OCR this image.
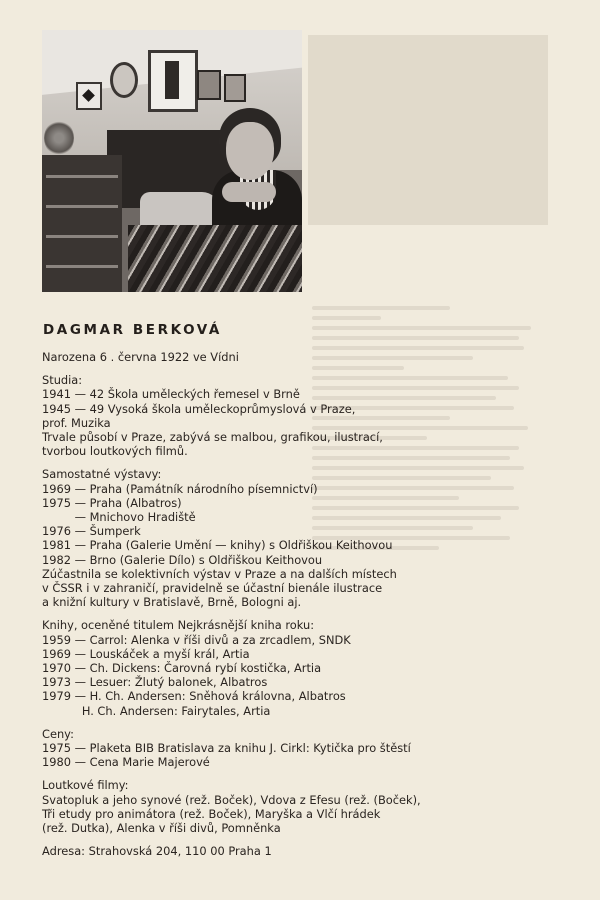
DAGMAR BERKOVÁ
Narozena 6 . června 1922 ve Vídni
Studia:
1941 — 42 Škola uměleckých řemesel v Brně
1945 — 49 Vysoká škola uměleckoprůmyslová v Praze,
prof. Muzika
Trvale působí v Praze, zabývá se malbou, grafikou, ilustrací,
tvorbou loutkových filmů.
Samostatné výstavy:
1969 — Praha (Památník národního písemnictví)
1975 — Praha (Albatros)
— Mnichovo Hradiště
1976 — Šumperk
1981 — Praha (Galerie Umění — knihy) s Oldřiškou Keithovou
1982 — Brno (Galerie Dílo) s Oldřiškou Keithovou
Zúčastnila se kolektivních výstav v Praze a na dalších místech
v ČSSR i v zahraničí, pravidelně se účastní bienále ilustrace
a knižní kultury v Bratislavě, Brně, Bologni aj.
Knihy, oceněné titulem Nejkrásnější kniha roku:
1959 — Carrol: Alenka v říši divů a za zrcadlem, SNDK
1969 — Louskáček a myší král, Artia
1970 — Ch. Dickens: Čarovná rybí kostička, Artia
1973 — Lesuer: Žlutý balonek, Albatros
1979 — H. Ch. Andersen: Sněhová královna, Albatros
H. Ch. Andersen: Fairytales, Artia
Ceny:
1975 — Plaketa BIB Bratislava za knihu J. Cirkl: Kytička pro štěstí
1980 — Cena Marie Majerové
Loutkové filmy:
Svatopluk a jeho synové (rež. Boček), Vdova z Efesu (rež. (Boček),
Tři etudy pro animátora (rež. Boček), Maryška a Vlčí hrádek
(rež. Dutka), Alenka v říši divů, Pomněnka
Adresa: Strahovská 204, 110 00 Praha 1
